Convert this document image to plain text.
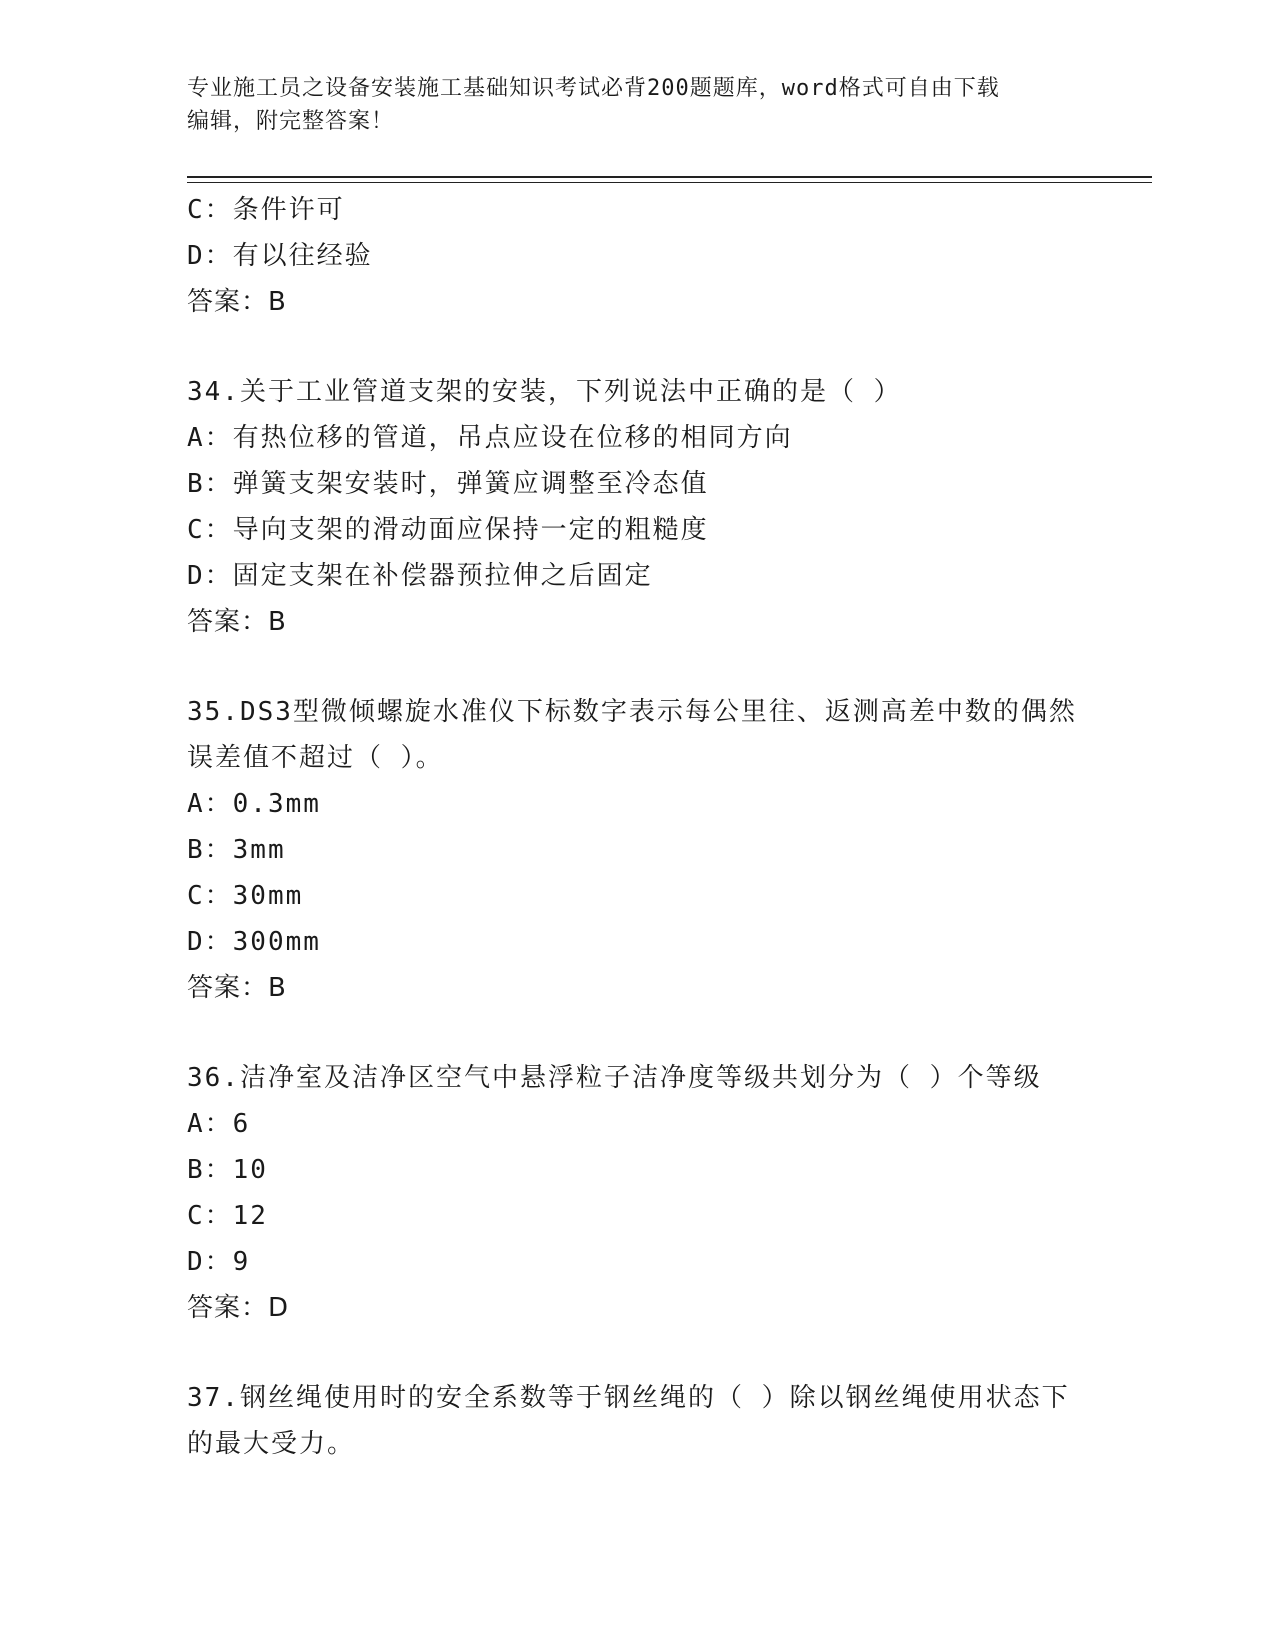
专业施工员之设备安装施工基础知识考试必背200题题库，word格式可自由下载
编辑，附完整答案！
C：条件许可
D：有以往经验
答案：B
34.关于工业管道支架的安装，下列说法中正确的是（ ）
A：有热位移的管道，吊点应设在位移的相同方向
B：弹簧支架安装时，弹簧应调整至冷态值
C：导向支架的滑动面应保持一定的粗糙度
D：固定支架在补偿器预拉伸之后固定
答案：B
35.DS3型微倾螺旋水准仪下标数字表示每公里往、返测高差中数的偶然误差值不超过（ ）。
A：0.3mm
B：3mm
C：30mm
D：300mm
答案：B
36.洁净室及洁净区空气中悬浮粒子洁净度等级共划分为（ ）个等级
A：6
B：10
C：12
D：9
答案：D
37.钢丝绳使用时的安全系数等于钢丝绳的（ ）除以钢丝绳使用状态下的最大受力。
